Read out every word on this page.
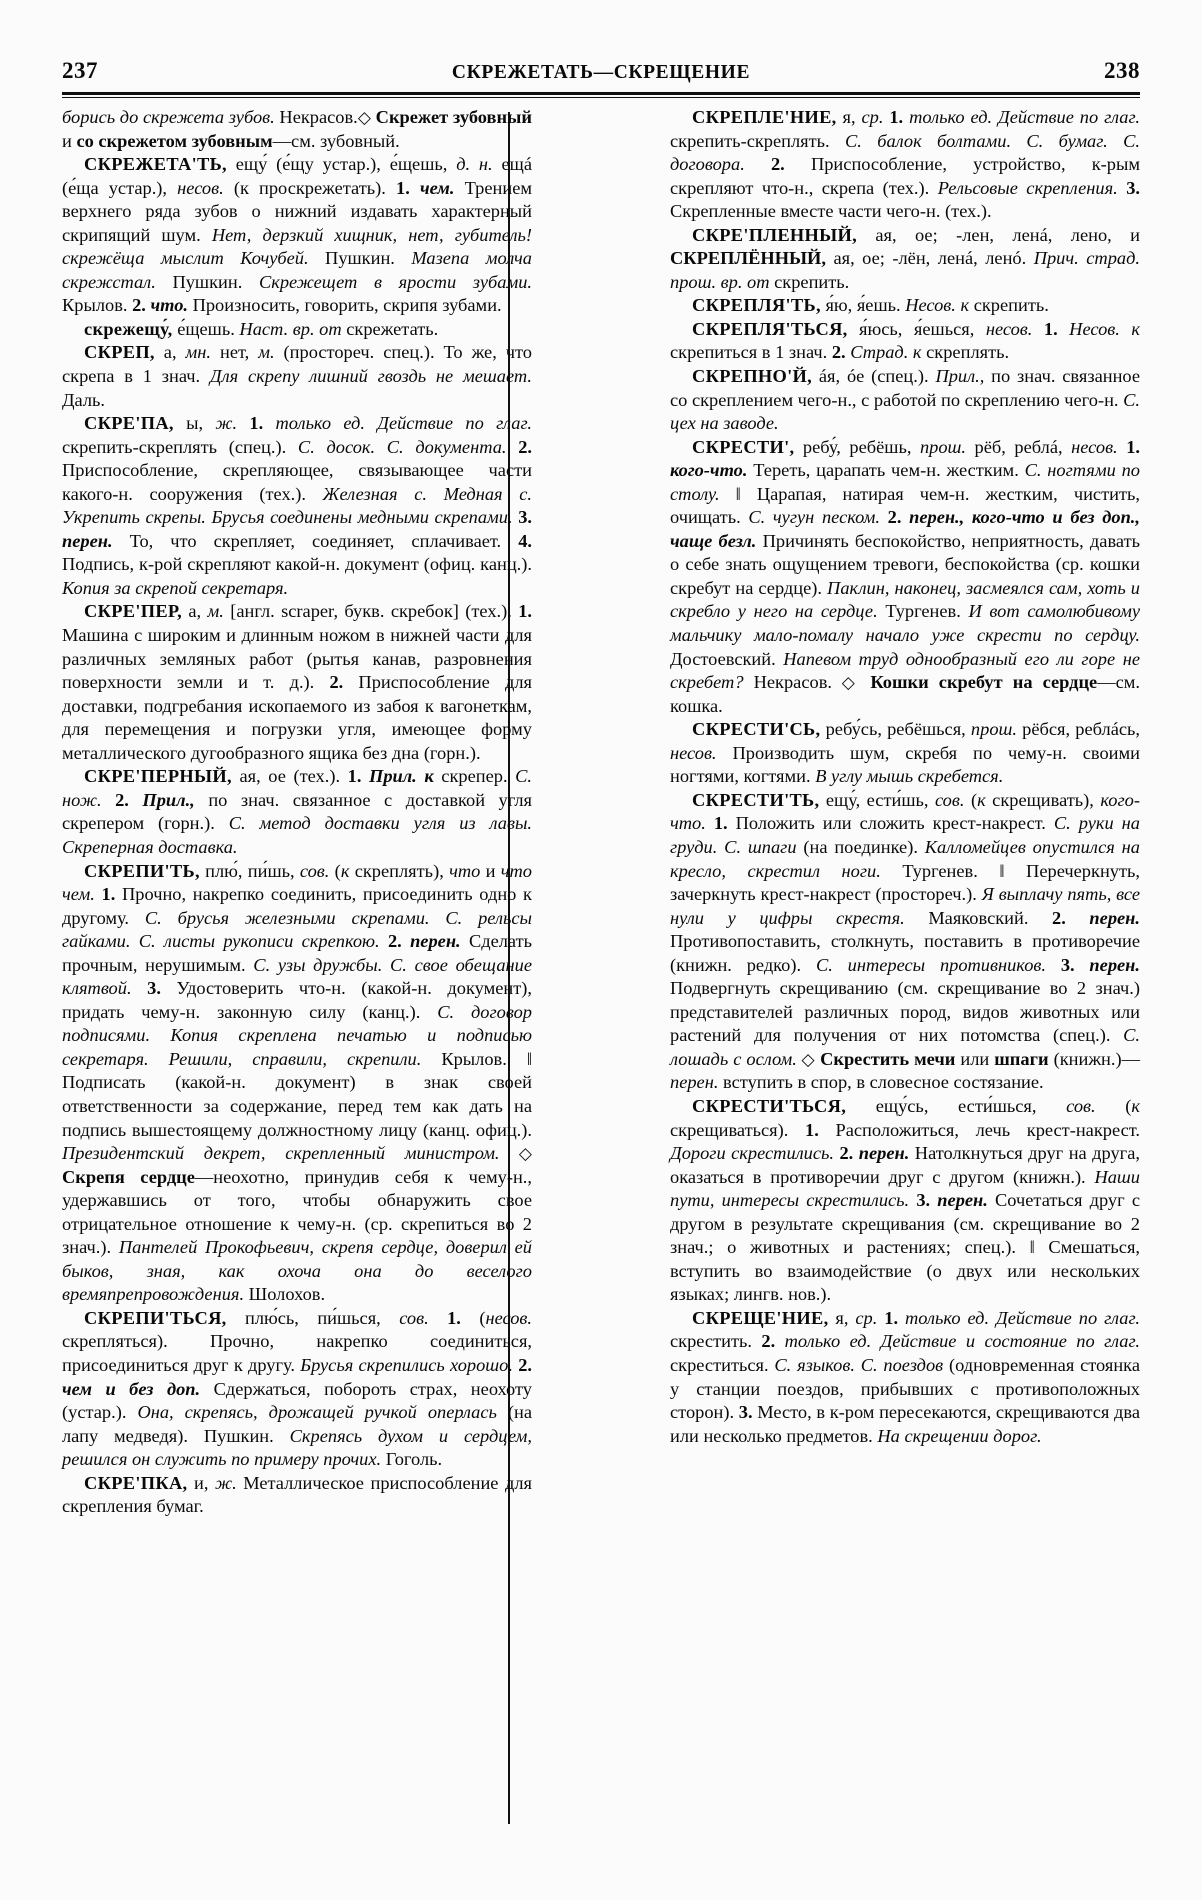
237	СКРЕЖЕТАТЬ—СКРЕЩЕНИЕ	238

борись до скрежета зубов. Некрасов.◇ Скрежет зубовный и со скрежетом зубовным—см. зубовный.

СКРЕЖЕТА'ТЬ, ещу́ (е́щу устар.), е́щешь, д. н. ещá (е́ща устар.), несов. (к проскрежетать). 1. чем. Трением верхнего ряда зубов о нижний издавать характерный скрипящий шум. Нет, дерзкий хищник, нет, губитель! скрежёща мыслит Кочубей. Пушкин. Мазепа молча скрежстал. Пушкин. Скрежещет в ярости зубами. Крылов. 2. что. Произносить, говорить, скрипя зубами.

скрежещу́, е́щешь. Наст. вр. от скрежетать.

СКРЕП, а, мн. нет, м. (простореч. спец.). То же, что скрепа в 1 знач. Для скрепу лишний гвоздь не мешает. Даль.

СКРЕ'ПА, ы, ж. 1. только ед. Действие по глаг. скрепить-скреплять (спец.). С. досок. С. документа. 2. Приспособление, скрепляющее, связывающее части какого-н. сооружения (тех.). Железная с. Медная с. Укрепить скрепы. Брусья соединены медными скрепами. 3. перен. То, что скрепляет, соединяет, сплачивает. 4. Подпись, к-рой скрепляют какой-н. документ (офиц. канц.). Копия за скрепой секретаря.

СКРЕ'ПЕР, а, м. [англ. scraper, букв. скребок] (тех.). 1. Машина с широким и длинным ножом в нижней части для различных земляных работ (рытья канав, разровнения поверхности земли и т. д.). 2. Приспособление для доставки, подгребания ископаемого из забоя к вагонеткам, для перемещения и погрузки угля, имеющее форму металлического дугообразного ящика без дна (горн.).

СКРЕ'ПЕРНЫЙ, ая, ое (тех.). 1. Прил. к скрепер. С. нож. 2. Прил., по знач. связанное с доставкой угля скрепером (горн.). С. метод доставки угля из лавы. Скреперная доставка.

СКРЕПИ'ТЬ, плю́, пи́шь, сов. (к скреплять), что и что чем. 1. Прочно, накрепко соединить, присоединить одно к другому. С. брусья железными скрепами. С. рельсы гайками. С. листы рукописи скрепкою. 2. перен. Сделать прочным, нерушимым. С. узы дружбы. С. свое обещание клятвой. 3. Удостоверить что-н. (какой-н. документ), придать чему-н. законную силу (канц.). С. договор подписями. Копия скреплена печатью и подписью секретаря. Решили, справили, скрепили. Крылов. ‖ Подписать (какой-н. документ) в знак своей ответственности за содержание, перед тем как дать на подпись вышестоящему должностному лицу (канц. офиц.). Президентский декрет, скрепленный министром. ◇ Скрепя сердце—неохотно, принудив себя к чему-н., удержавшись от того, чтобы обнаружить свое отрицательное отношение к чему-н. (ср. скрепиться во 2 знач.). Пантелей Прокофьевич, скрепя сердце, доверил ей быков, зная, как охоча она до веселого времяпрепровождения. Шолохов.

СКРЕПИ'ТЬСЯ, плю́сь, пи́шься, сов. 1. (несов. скрепляться). Прочно, накрепко соединиться, присоединиться друг к другу. Брусья скрепились хорошо. 2. чем и без доп. Сдержаться, побороть страх, неохоту (устар.). Она, скрепясь, дрожащей ручкой оперлась (на лапу медведя). Пушкин. Скрепясь духом и сердцем, решился он служить по примеру прочих. Гоголь.

СКРЕ'ПКА, и, ж. Металлическое приспособление для скрепления бумаг.

СКРЕПЛЕ'НИЕ, я, ср. 1. только ед. Действие по глаг. скрепить-скреплять. С. балок болтами. С. бумаг. С. договора. 2. Приспособление, устройство, к-рым скрепляют что-н., скрепа (тех.). Рельсовые скрепления. 3. Скрепленные вместе части чего-н. (тех.).

СКРЕ'ПЛЕННЫЙ, ая, ое; -лен, ленá, лено, и СКРЕПЛЁННЫЙ, ая, ое; -лён, ленá, ленó. Прич. страд. прош. вр. от скрепить.

СКРЕПЛЯ'ТЬ, я́ю, я́ешь. Несов. к скрепить.

СКРЕПЛЯ'ТЬСЯ, я́юсь, я́ешься, несов. 1. Несов. к скрепиться в 1 знач. 2. Страд. к скреплять.

СКРЕПНО'Й, áя, óе (спец.). Прил., по знач. связанное со скреплением чего-н., с работой по скреплению чего-н. С. цех на заводе.

СКРЕСТИ', ребу́, ребёшь, прош. рёб, реблá, несов. 1. кого-что. Тереть, царапать чем-н. жестким. С. ногтями по столу. ‖ Царапая, натирая чем-н. жестким, чистить, очищать. С. чугун песком. 2. перен., кого-что и без доп., чаще безл. Причинять беспокойство, неприятность, давать о себе знать ощущением тревоги, беспокойства (ср. кошки скребут на сердце). Паклин, наконец, засмеялся сам, хоть и скребло у него на сердце. Тургенев. И вот самолюбивому мальчику мало-помалу начало уже скрести по сердцу. Достоевский. Напевом труд однообразный его ли горе не скребет? Некрасов. ◇ Кошки скребут на сердце—см. кошка.

СКРЕСТИ'СЬ, ребу́сь, ребёшься, прош. рёбся, реблáсь, несов. Производить шум, скребя по чему-н. своими ногтями, когтями. В углу мышь скребется.

СКРЕСТИ'ТЬ, ещу́, ести́шь, сов. (к скрещивать), кого-что. 1. Положить или сложить крест-накрест. С. руки на груди. С. шпаги (на поединке). Калломейцев опустился на кресло, скрестил ноги. Тургенев. ‖ Перечеркнуть, зачеркнуть крест-накрест (простореч.). Я выплачу пять, все нули у цифры скрестя. Маяковский. 2. перен. Противопоставить, столкнуть, поставить в противоречие (книжн. редко). С. интересы противников. 3. перен. Подвергнуть скрещиванию (см. скрещивание во 2 знач.) представителей различных пород, видов животных или растений для получения от них потомства (спец.). С. лошадь с ослом. ◇ Скрестить мечи или шпаги (книжн.)—перен. вступить в спор, в словесное состязание.

СКРЕСТИ'ТЬСЯ, ещу́сь, ести́шься, сов. (к скрещиваться). 1. Расположиться, лечь крест-накрест. Дороги скрестились. 2. перен. Натолкнуться друг на друга, оказаться в противоречии друг с другом (книжн.). Наши пути, интересы скрестились. 3. перен. Сочетаться друг с другом в результате скрещивания (см. скрещивание во 2 знач.; о животных и растениях; спец.). ‖ Смешаться, вступить во взаимодействие (о двух или нескольких языках; лингв. нов.).

СКРЕЩЕ'НИЕ, я, ср. 1. только ед. Действие по глаг. скрестить. 2. только ед. Действие и состояние по глаг. скреститься. С. языков. С. поездов (одновременная стоянка у станции поездов, прибывших с противоположных сторон). 3. Место, в к-ром пересекаются, скрещиваются два или несколько предметов. На скрещении дорог.
